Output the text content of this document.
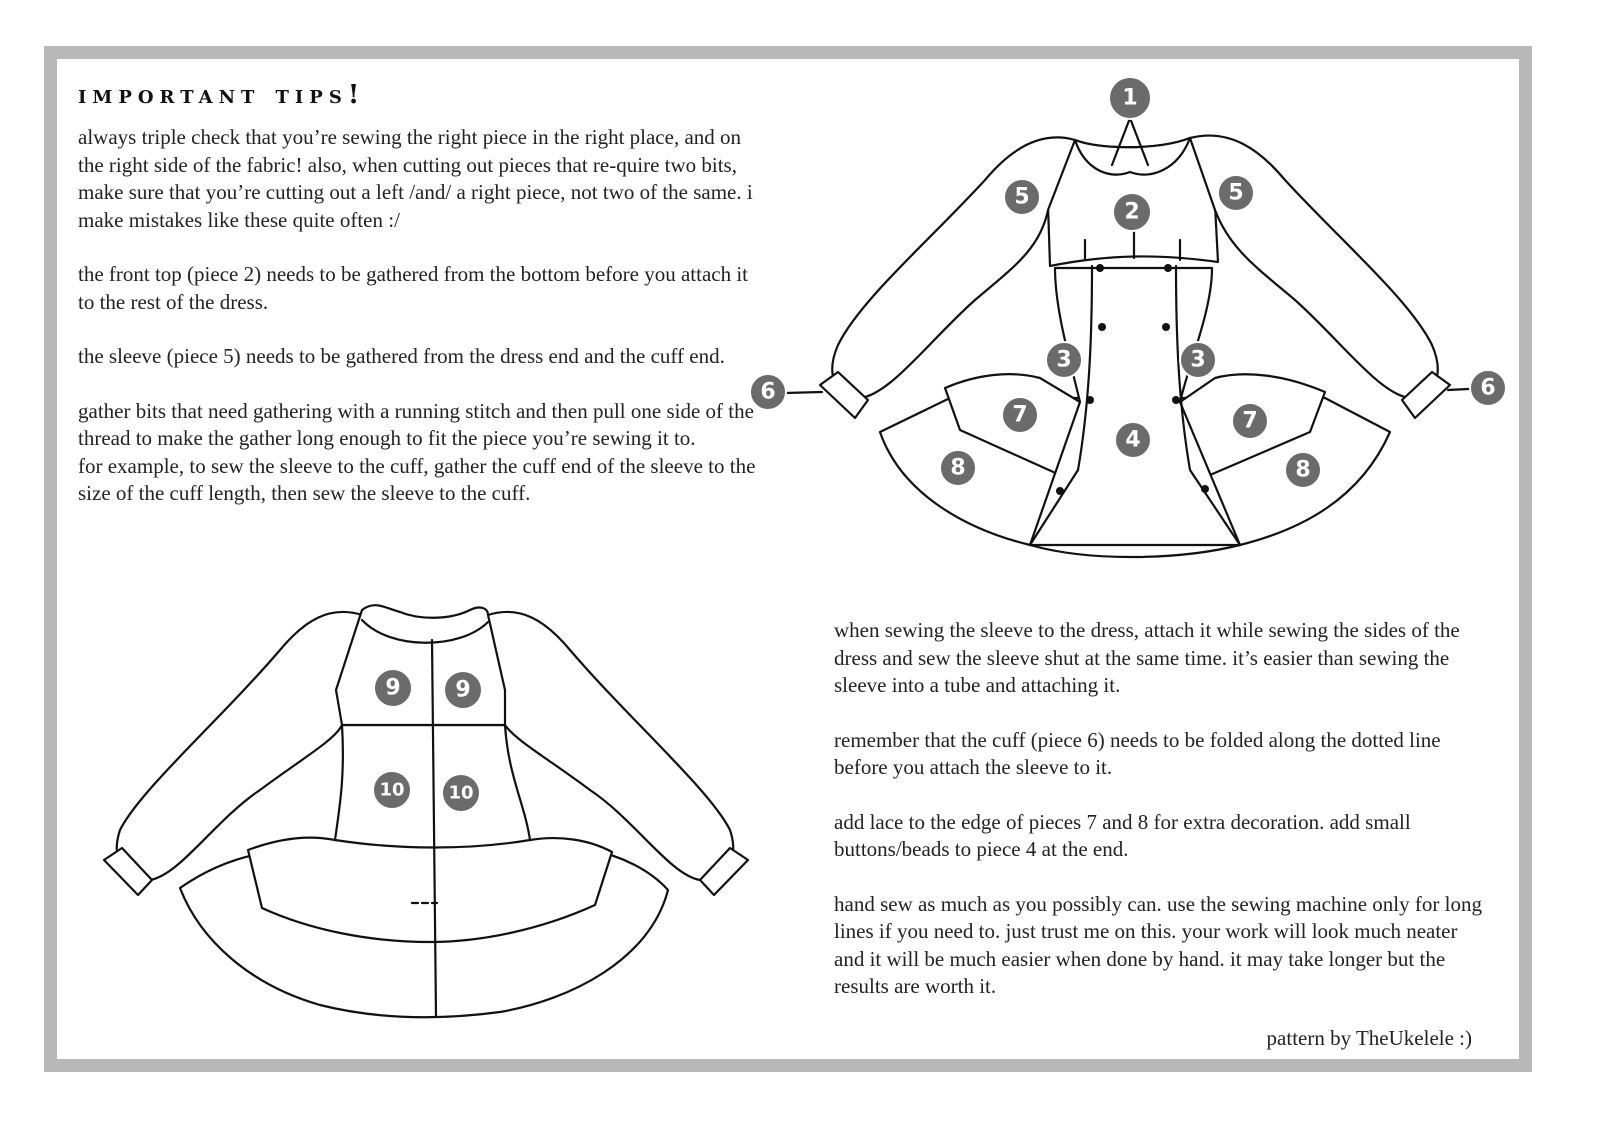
important tips!

always triple check that you’re sewing the right piece in the right place, and on the right side of the fabric! also, when cutting out pieces that re-quire two bits, make sure that you’re cutting out a left /and/ a right piece, not two of the same. i make mistakes like these quite often :/

the front top (piece 2) needs to be gathered from the bottom before you attach it to the rest of the dress.

the sleeve (piece 5) needs to be gathered from the dress end and the cuff end.

gather bits that need gathering with a running stitch and then pull one side of the thread to make the gather long enough to fit the piece you’re sewing it to.

for example, to sew the sleeve to the cuff, gather the cuff end of the sleeve to the size of the cuff length, then sew the sleeve to the cuff.

1
2
5	5
3	3
4
6	6
7	7
8	8
9 9
10 10

when sewing the sleeve to the dress, attach it while sewing the sides of the dress and sew the sleeve shut at the same time. it’s easier than sewing the sleeve into a tube and attaching it.

remember that the cuff (piece 6) needs to be folded along the dotted line before you attach the sleeve to it.

add lace to the edge of pieces 7 and 8 for extra decoration. add small buttons/beads to piece 4 at the end.

hand sew as much as you possibly can. use the sewing machine only for long lines if you need to. just trust me on this. your work will look much neater and it will be much easier when done by hand. it may take longer but the results are worth it.

pattern by TheUkelele :)
